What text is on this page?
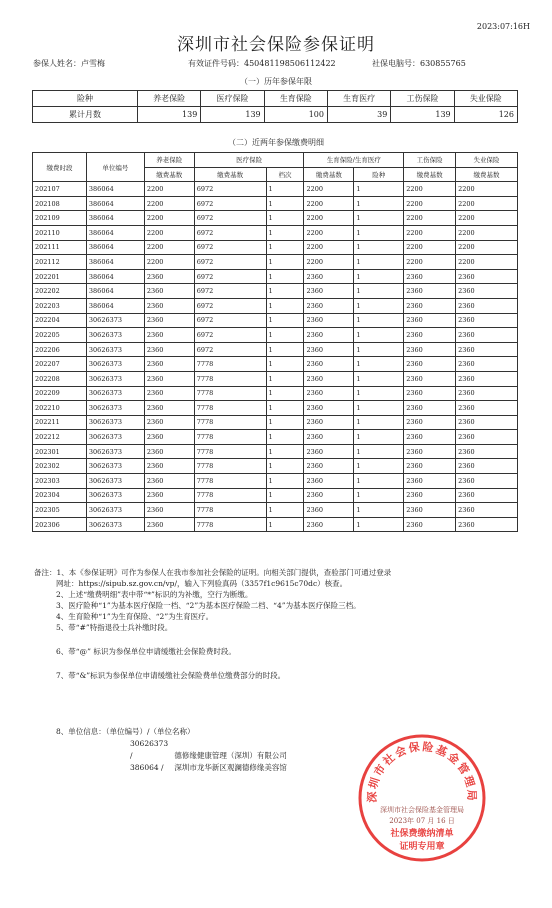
2023:07:16H
深圳市社会保险参保证明
参保人姓名：卢雪梅	有效证件号码：450481198506112422	社保电脑号：630855765
（一）历年参保年限
险种	养老保险	医疗保险	生育保险	生育医疗	工伤保险	失业保险
累计月数	139	139	100	39	139	126
（二）近两年参保缴费明细
缴费时段	单位编号	养老保险	医疗保险		生育保险/生育医疗		工伤保险	失业保险
		缴费基数	缴费基数	档次	缴费基数	险种	缴费基数	缴费基数
202107	386064	2200	6972	1	2200	1	2200	2200
202108	386064	2200	6972	1	2200	1	2200	2200
202109	386064	2200	6972	1	2200	1	2200	2200
202110	386064	2200	6972	1	2200	1	2200	2200
202111	386064	2200	6972	1	2200	1	2200	2200
202112	386064	2200	6972	1	2200	1	2200	2200
202201	386064	2360	6972	1	2360	1	2360	2360
202202	386064	2360	6972	1	2360	1	2360	2360
202203	386064	2360	6972	1	2360	1	2360	2360
202204	30626373	2360	6972	1	2360	1	2360	2360
202205	30626373	2360	6972	1	2360	1	2360	2360
202206	30626373	2360	6972	1	2360	1	2360	2360
202207	30626373	2360	7778	1	2360	1	2360	2360
202208	30626373	2360	7778	1	2360	1	2360	2360
202209	30626373	2360	7778	1	2360	1	2360	2360
202210	30626373	2360	7778	1	2360	1	2360	2360
202211	30626373	2360	7778	1	2360	1	2360	2360
202212	30626373	2360	7778	1	2360	1	2360	2360
202301	30626373	2360	7778	1	2360	1	2360	2360
202302	30626373	2360	7778	1	2360	1	2360	2360
202303	30626373	2360	7778	1	2360	1	2360	2360
202304	30626373	2360	7778	1	2360	1	2360	2360
202305	30626373	2360	7778	1	2360	1	2360	2360
202306	30626373	2360	7778	1	2360	1	2360	2360

备注：1、本《参保证明》可作为参保人在我市参加社会保险的证明。向相关部门提供，查验部门可通过登录

网址：https://sipub.sz.gov.cn/vp/，输入下列验真码（3357f1c9615c70dc）核查。

2、上述“缴费明细”表中带“*”标识的为补缴，空行为断缴。

3、医疗险种“1”为基本医疗保险一档、“2”为基本医疗保险二档、“4”为基本医疗保险三档。

4、生育险种“1”为生育保险、“2”为生育医疗。

5、带“#”特指退役士兵补缴时段。

6、带“@” 标识为参保单位申请缓缴社会保险费时段。

7、带“&”标识为参保单位申请缓缴社会保险费单位缴费部分的时段。

8、单位信息：（单位编号）/（单位名称）
30626373 /	德修缘健康管理（深圳）有限公司
386064 / 深圳市龙华新区观澜德修缘美容馆
深圳市社会保险基金管理局
深圳市社会保险基金管理局
2023年 07 月 16 日
社保费缴纳清单
证明专用章
